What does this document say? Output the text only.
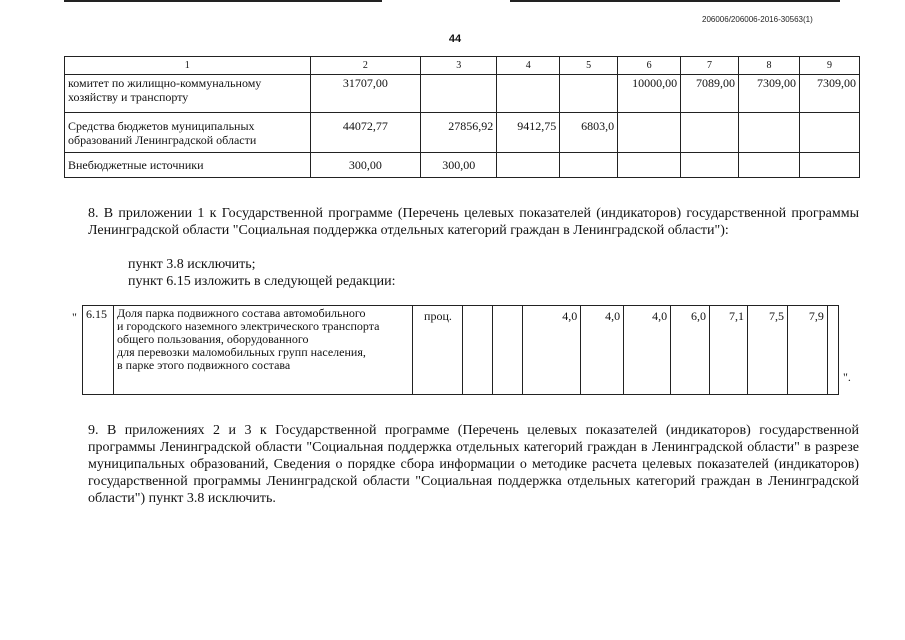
206006/206006-2016-30563(1)
44
1	2	3	4	5	6	7	8	9

комитет по жилищно-коммунальному
хозяйству и транспорту	31707,00				10000,00	7089,00	7309,00	7309,00

Средства бюджетов муниципальных
образований Ленинградской области	44072,77	27856,92	9412,75	6803,0				

Внебюджетные источники	300,00	300,00						
8. В приложении 1 к Государственной программе (Перечень целевых показателей (индикаторов) государственной программы Ленинградской области "Социальная поддержка отдельных категорий граждан в Ленинградской области"):
пункт 3.8 исключить;
пункт 6.15 изложить в следующей редакции:
" 6.15	Доля парка подвижного состава автомобильного
и городского наземного электрического транспорта
общего пользования, оборудованного
для перевозки маломобильных групп населения,
в парке этого подвижного состава
	проц.			4,0	4,0	4,0	6,0	7,1	7,5	7,9	
".
9. В приложениях 2 и 3 к Государственной программе (Перечень целевых показателей (индикаторов) государственной программы Ленинградской области "Социальная поддержка отдельных категорий граждан в Ленинградской области" в разрезе муниципальных образований, Сведения о порядке сбора информации о методике расчета целевых показателей (индикаторов) государственной программы Ленинградской области "Социальная поддержка отдельных категорий граждан в Ленинградской области") пункт 3.8 исключить.
